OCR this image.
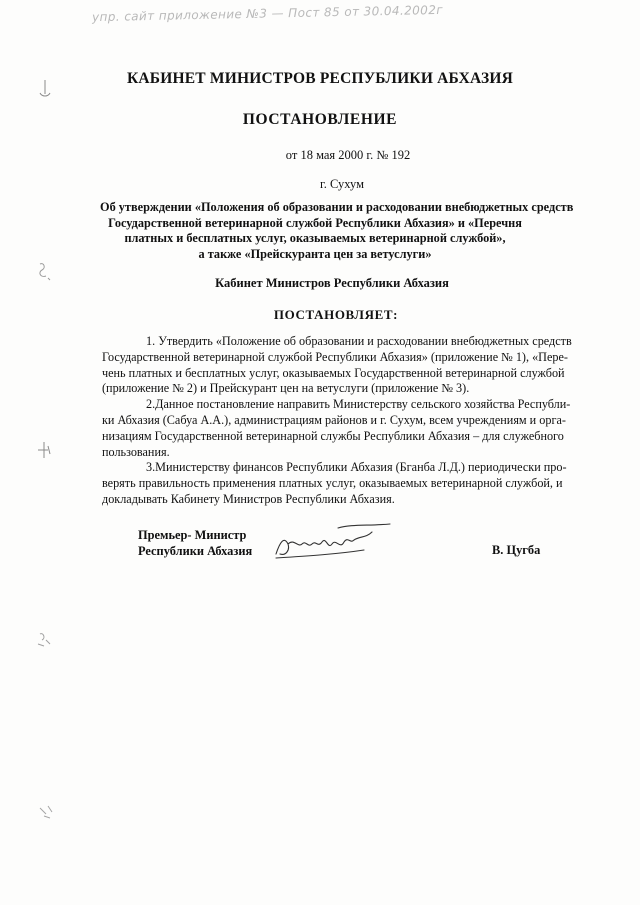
упр. сайт приложение №3 — Пост 85 от 30.04.2002г
КАБИНЕТ МИНИСТРОВ РЕСПУБЛИКИ АБХАЗИЯ
ПОСТАНОВЛЕНИЕ
от 18 мая 2000 г. № 192
г. Сухум
Об утверждении «Положения об образовании и расходовании внебюджетных средств
Государственной ветеринарной службой Республики Абхазия» и «Перечня
платных и бесплатных услуг, оказываемых ветеринарной службой»,
а также «Прейскуранта цен за ветуслуги»
Кабинет Министров Республики Абхазия
ПОСТАНОВЛЯЕТ:
1. Утвердить «Положение об образовании и расходовании внебюджетных средств
Государственной ветеринарной службой Республики Абхазия» (приложение № 1), «Пере-
чень платных и бесплатных услуг, оказываемых Государственной ветеринарной службой
(приложение № 2) и Прейскурант цен на ветуслуги (приложение № 3).
2.Данное постановление направить Министерству сельского хозяйства Республи-
ки Абхазия (Сабуа А.А.), администрациям районов и г. Сухум, всем учреждениям и орга-
низациям Государственной ветеринарной службы Республики Абхазия – для служебного
пользования.
3.Министерству финансов Республики Абхазия (Бганба Л.Д.) периодически про-
верять правильность применения платных услуг, оказываемых ветеринарной службой, и
докладывать Кабинету Министров Республики Абхазия.
Премьер- Министр
Республики Абхазия	В. Цугба
